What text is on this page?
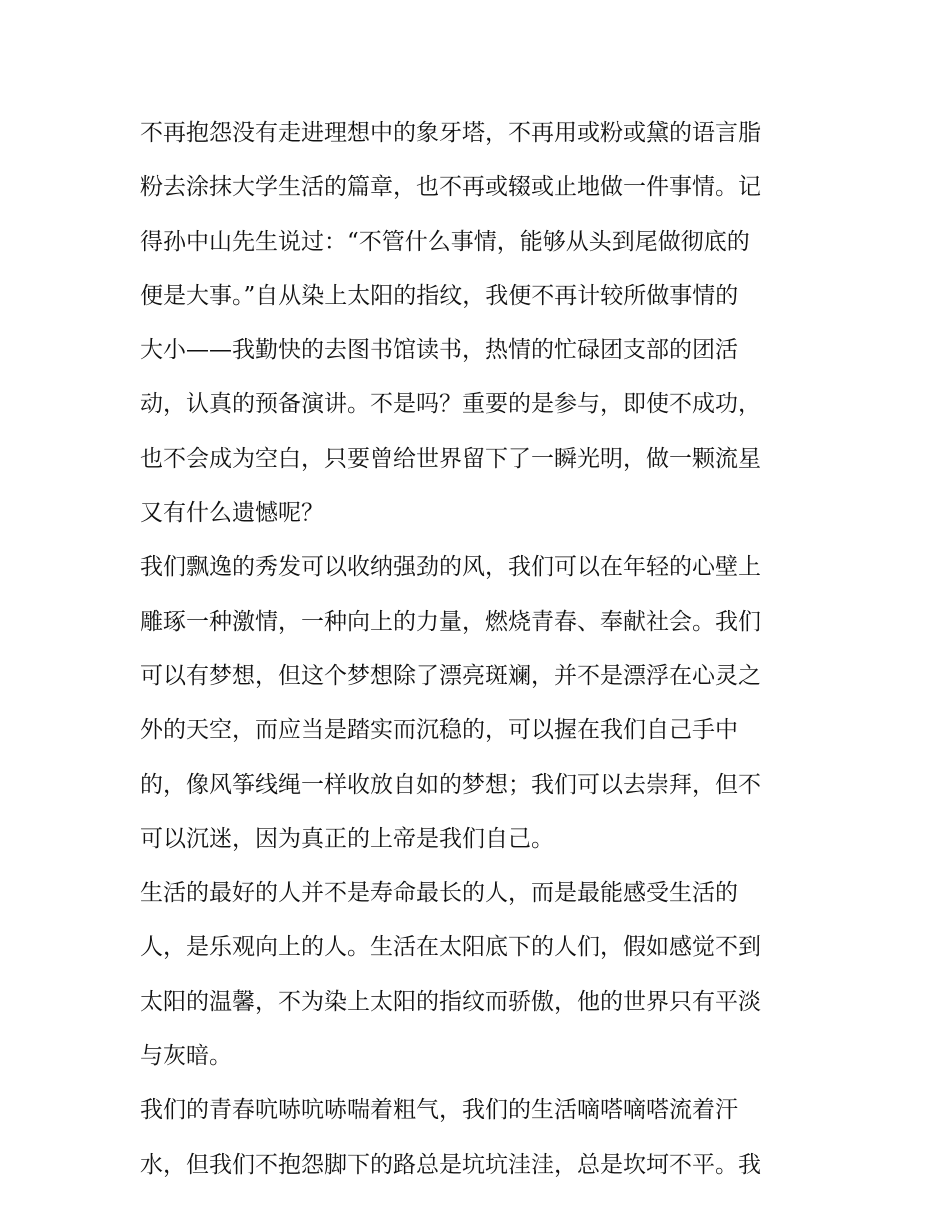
不再抱怨没有走进理想中的象牙塔，不再用或粉或黛的语言脂
粉去涂抹大学生活的篇章，也不再或辍或止地做一件事情。记
得孙中山先生说过：“不管什么事情，能够从头到尾做彻底的
便是大事。”自从染上太阳的指纹，我便不再计较所做事情的
大小——我勤快的去图书馆读书，热情的忙碌团支部的团活
动，认真的预备演讲。不是吗？重要的是参与，即使不成功，
也不会成为空白，只要曾给世界留下了一瞬光明，做一颗流星
又有什么遗憾呢？
我们飘逸的秀发可以收纳强劲的风，我们可以在年轻的心壁上
雕琢一种激情，一种向上的力量，燃烧青春、奉献社会。我们
可以有梦想，但这个梦想除了漂亮斑斓，并不是漂浮在心灵之
外的天空，而应当是踏实而沉稳的，可以握在我们自己手中
的，像风筝线绳一样收放自如的梦想；我们可以去崇拜，但不
可以沉迷，因为真正的上帝是我们自己。
生活的最好的人并不是寿命最长的人，而是最能感受生活的
人，是乐观向上的人。生活在太阳底下的人们，假如感觉不到
太阳的温馨，不为染上太阳的指纹而骄傲，他的世界只有平淡
与灰暗。
我们的青春吭哧吭哧喘着粗气，我们的生活嘀嗒嘀嗒流着汗
水，但我们不抱怨脚下的路总是坑坑洼洼，总是坎坷不平。我
